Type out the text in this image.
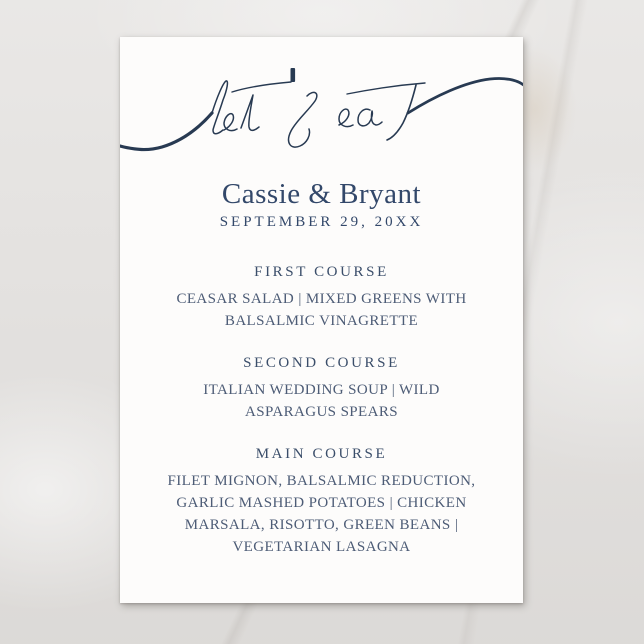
Cassie & Bryant
SEPTEMBER 29, 20XX
FIRST COURSE
CEASAR SALAD | MIXED GREENS WITH
BALSALMIC VINAGRETTE
SECOND COURSE
ITALIAN WEDDING SOUP | WILD
ASPARAGUS SPEARS
MAIN COURSE
FILET MIGNON, BALSALMIC REDUCTION,
GARLIC MASHED POTATOES | CHICKEN
MARSALA, RISOTTO, GREEN BEANS |
VEGETARIAN LASAGNA
